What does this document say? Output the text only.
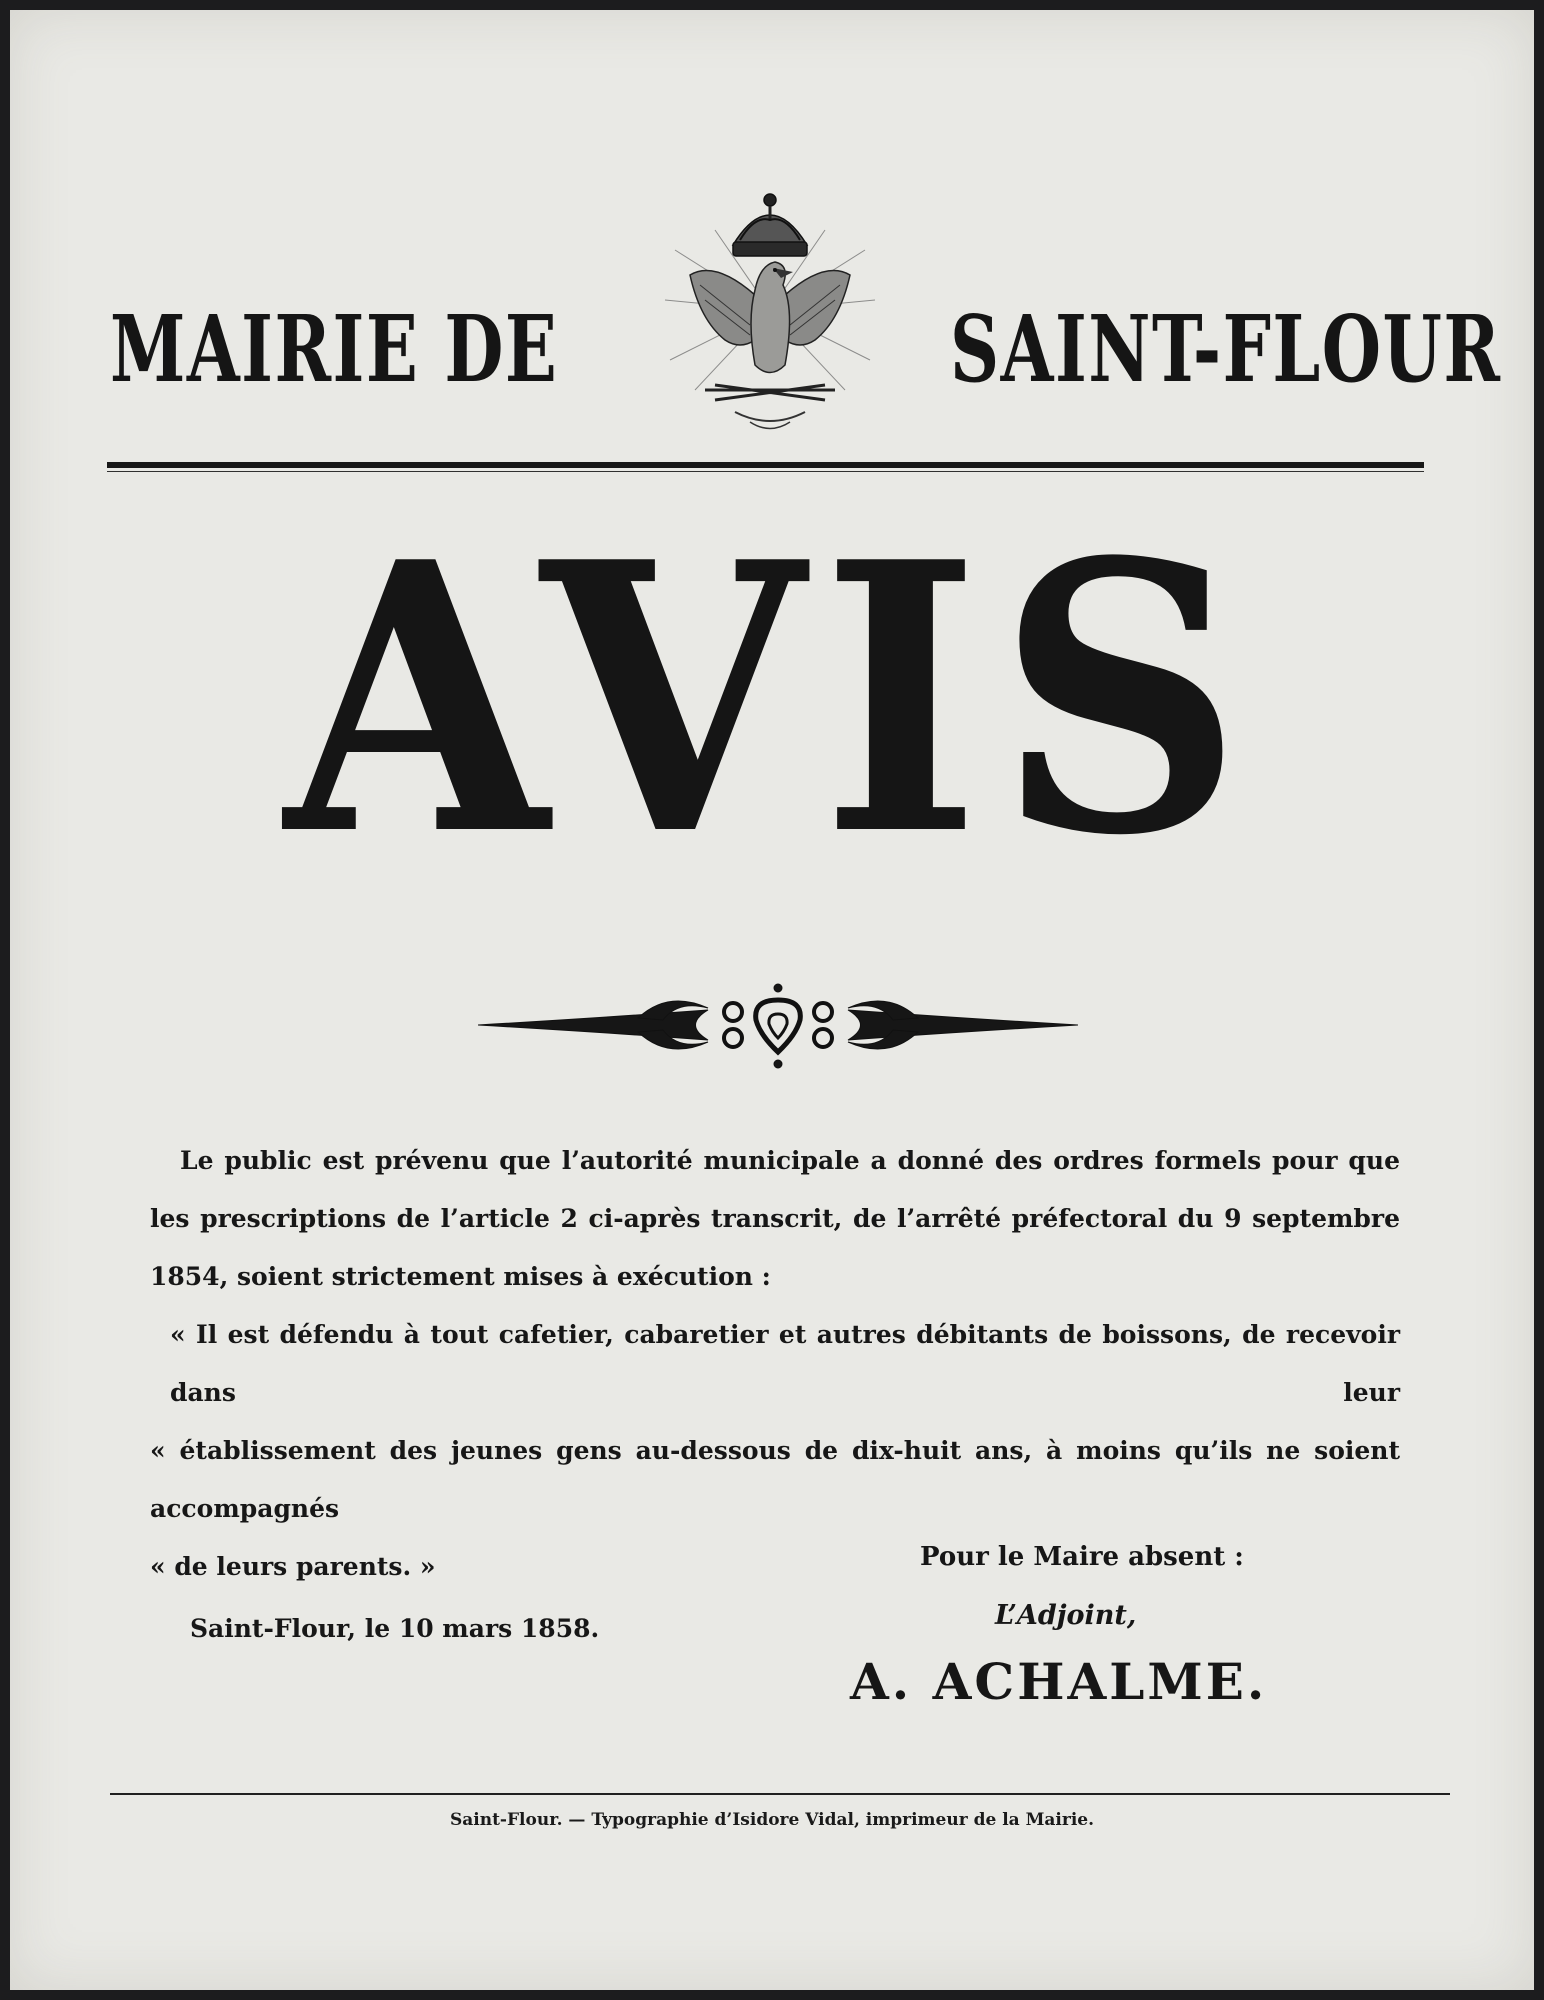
MAIRIE DE	SAINT-FLOUR
AVIS

Le public est prévenu que l’autorité municipale a donné des ordres formels pour que les prescriptions de l’article 2 ci-après transcrit, de l’arrêté préfectoral du 9 septembre 1854, soient strictement mises à exécution :

« Il est défendu à tout cafetier, cabaretier et autres débitants de boissons, de recevoir dans leur
« établissement des jeunes gens au-dessous de dix-huit ans, à moins qu’ils ne soient accompagnés
« de leurs parents. »
Saint-Flour, le 10 mars 1858.
Pour le Maire absent :
L’Adjoint,
A. ACHALME.
Saint-Flour. — Typographie d’Isidore Vidal, imprimeur de la Mairie.
